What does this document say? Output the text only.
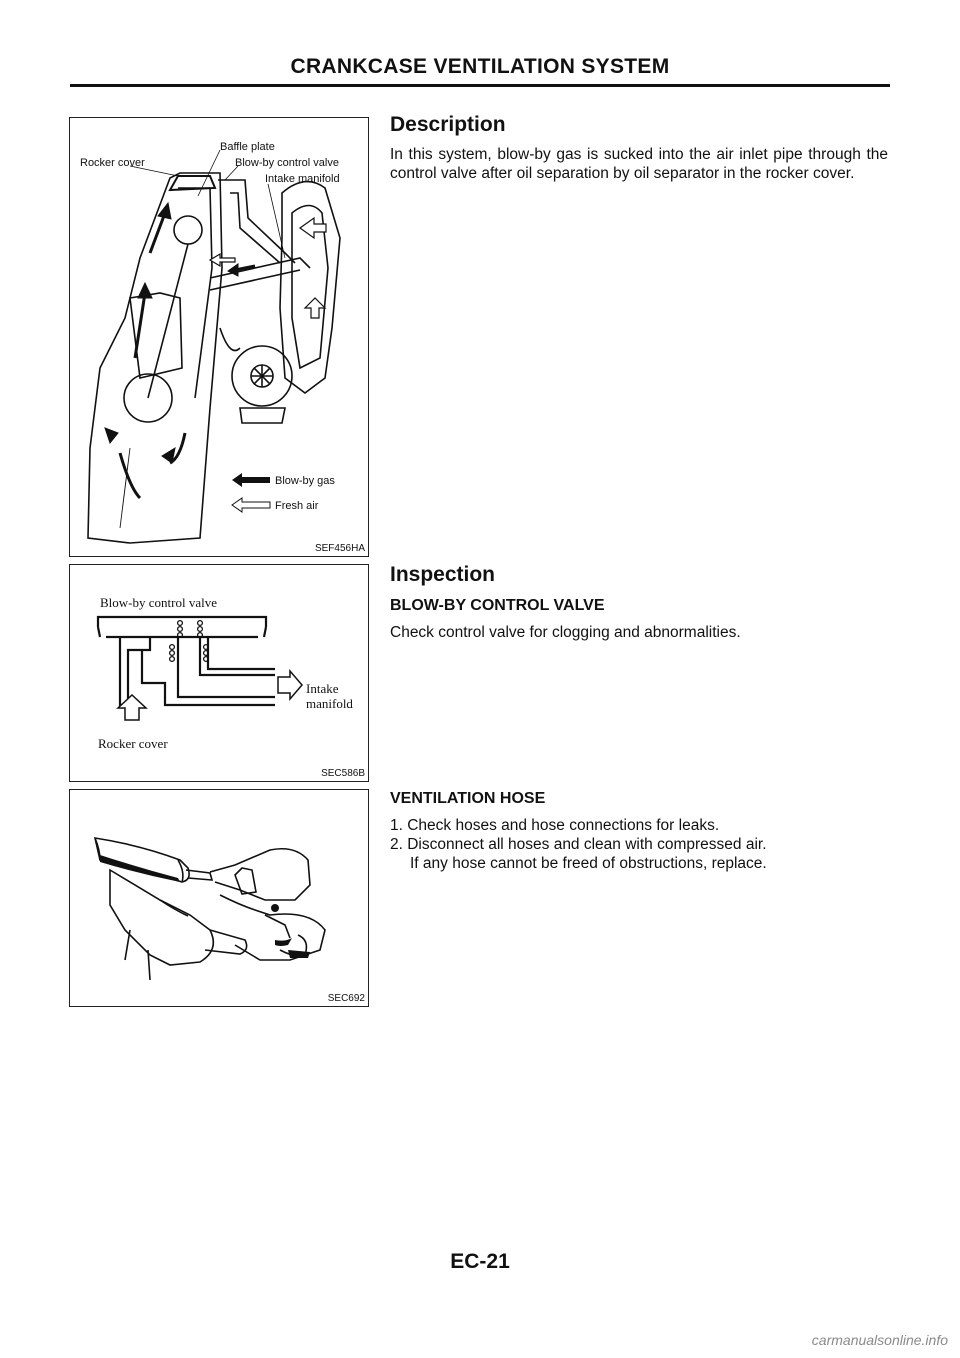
CRANKCASE VENTILATION SYSTEM
Baffle plate
Rocker cover	Blow-by control valve
Intake manifold
Blow-by gas
Fresh air
SEF456HA
Blow-by control valve
Intake
manifold
Rocker cover
SEC586B
SEC692
Description
In this system, blow-by gas is sucked into the air inlet pipe through the control valve after oil separation by oil separator in the rocker cover.
Inspection
BLOW-BY CONTROL VALVE
Check control valve for clogging and abnormalities.
VENTILATION HOSE
1. Check hoses and hose connections for leaks.
2. Disconnect all hoses and clean with compressed air.
If any hose cannot be freed of obstructions, replace.
EC-21
carmanualsonline.info
